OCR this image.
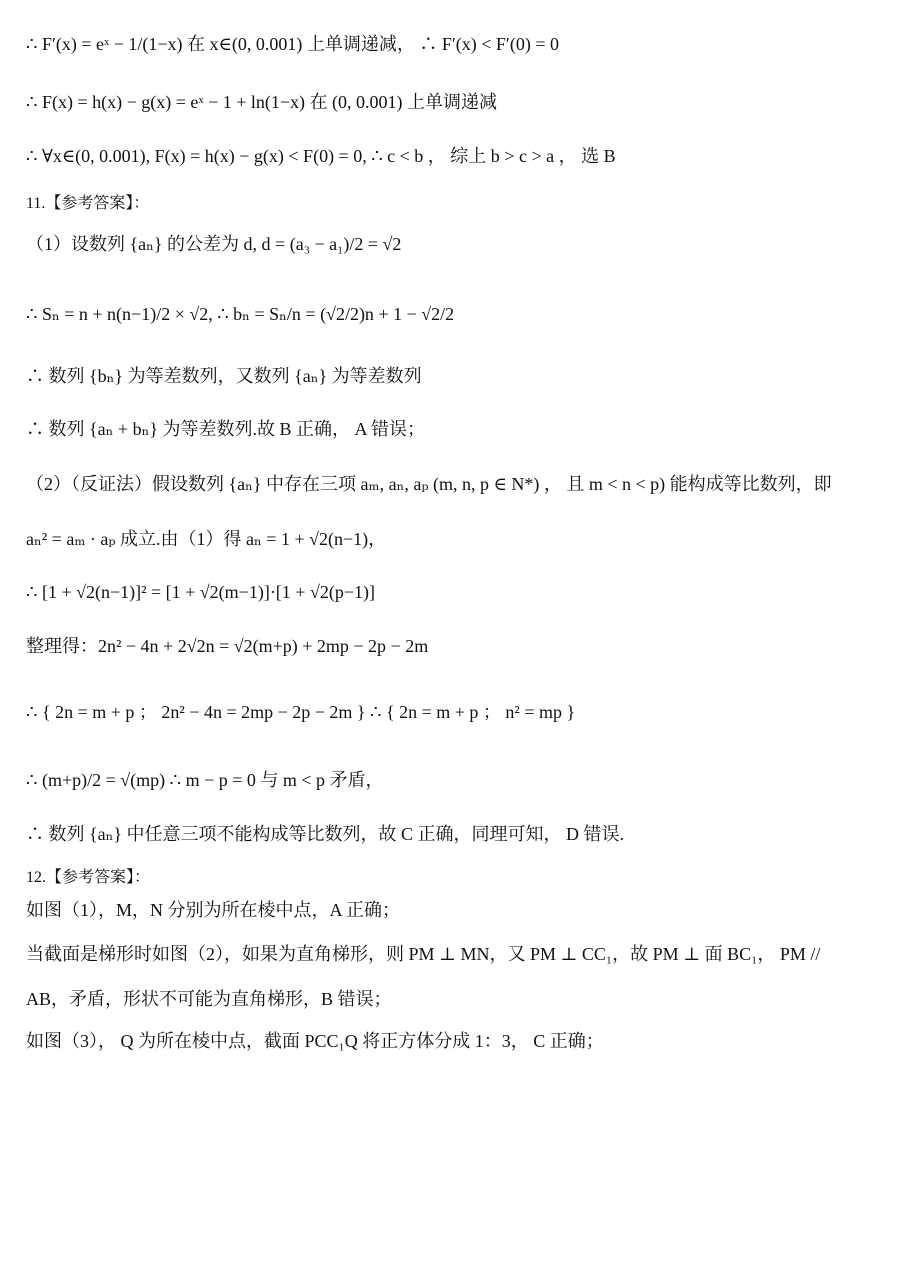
∴ F′(x) = eˣ − 1/(1−x) 在 x∈(0, 0.001) 上单调递减， ∴ F′(x) < F′(0) = 0
∴ F(x) = h(x) − g(x) = eˣ − 1 + ln(1−x) 在 (0, 0.001) 上单调递减
∴ ∀x∈(0, 0.001), F(x) = h(x) − g(x) < F(0) = 0, ∴ c < b ， 综上 b > c > a ， 选 B
11.【参考答案】：
（1）设数列 {aₙ} 的公差为 d, d = (a₃ − a₁)/2 = √2
∴ Sₙ = n + n(n−1)/2 × √2, ∴ bₙ = Sₙ/n = (√2/2)n + 1 − √2/2
∴ 数列 {bₙ} 为等差数列，又数列 {aₙ} 为等差数列
∴ 数列 {aₙ + bₙ} 为等差数列.故 B 正确， A 错误；
（2）（反证法）假设数列 {aₙ} 中存在三项 aₘ, aₙ, aₚ (m, n, p ∈ N*) ， 且 m < n < p) 能构成等比数列，即
aₙ² = aₘ · aₚ 成立.由（1）得 aₙ = 1 + √2(n−1)，
∴ [1 + √2(n−1)]² = [1 + √2(m−1)]·[1 + √2(p−1)]
整理得：2n² − 4n + 2√2n = √2(m+p) + 2mp − 2p − 2m
∴ { 2n = m + p ； 2n² − 4n = 2mp − 2p − 2m } ∴ { 2n = m + p ； n² = mp }
∴ (m+p)/2 = √(mp) ∴ m − p = 0 与 m < p 矛盾，
∴ 数列 {aₙ} 中任意三项不能构成等比数列，故 C 正确，同理可知， D 错误.
12.【参考答案】：
如图（1），M，N 分别为所在棱中点，A 正确；
当截面是梯形时如图（2），如果为直角梯形，则 PM ⊥ MN，又 PM ⊥ CC₁，故 PM ⊥ 面 BC₁， PM //
AB，矛盾，形状不可能为直角梯形，B 错误；
如图（3）， Q 为所在棱中点，截面 PCC₁Q 将正方体分成 1：3， C 正确；
